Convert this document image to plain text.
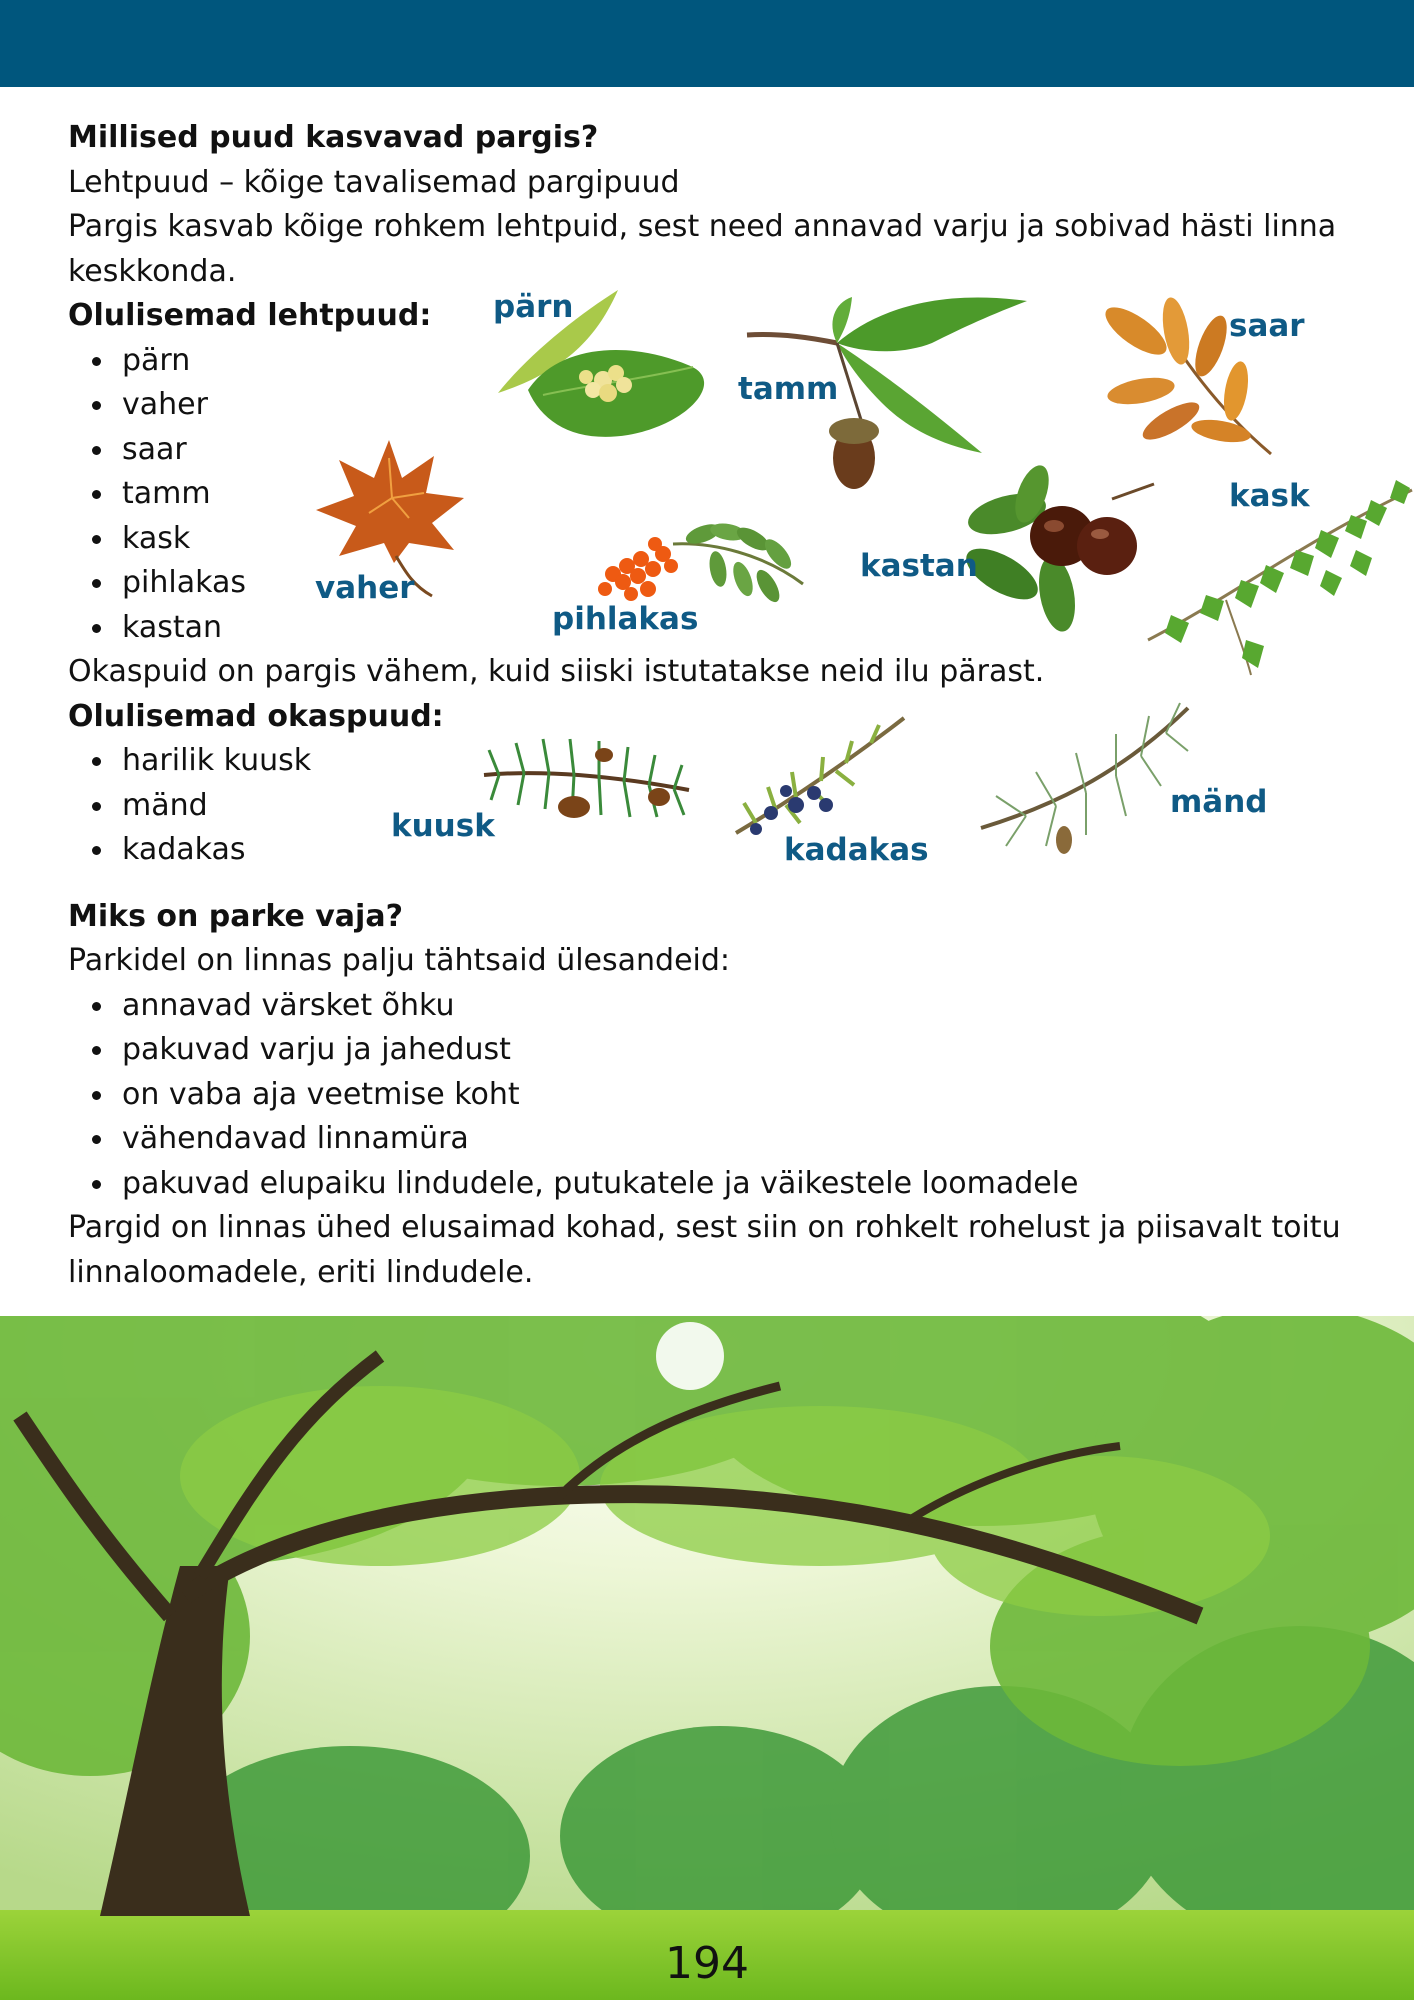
Millised puud kasvavad pargis?

Lehtpuud – kõige tavalisemad pargipuud

Pargis kasvab kõige rohkem lehtpuid, sest need annavad varju ja sobivad hästi linna keskkonda.

Olulisemad lehtpuud:

pärn
vaher
saar
tamm
kask
pihlakas
kastan

Okaspuid on pargis vähem, kuid siiski istutatakse neid ilu pärast.

Olulisemad okaspuud:

harilik kuusk
mänd
kadakas

Miks on parke vaja?

Parkidel on linnas palju tähtsaid ülesandeid:

annavad värsket õhku
pakuvad varju ja jahedust
on vaba aja veetmise koht
vähendavad linnamüra
pakuvad elupaiku lindudele, putukatele ja väikestele loomadele

Pargid on linnas ühed elusaimad kohad, sest siin on rohkelt rohelust ja piisavalt toitu linnaloomadele, eriti lindudele.

pärn
tamm
saar
vaher
pihlakas
kastan
kask
kuusk
kadakas
mänd
194
